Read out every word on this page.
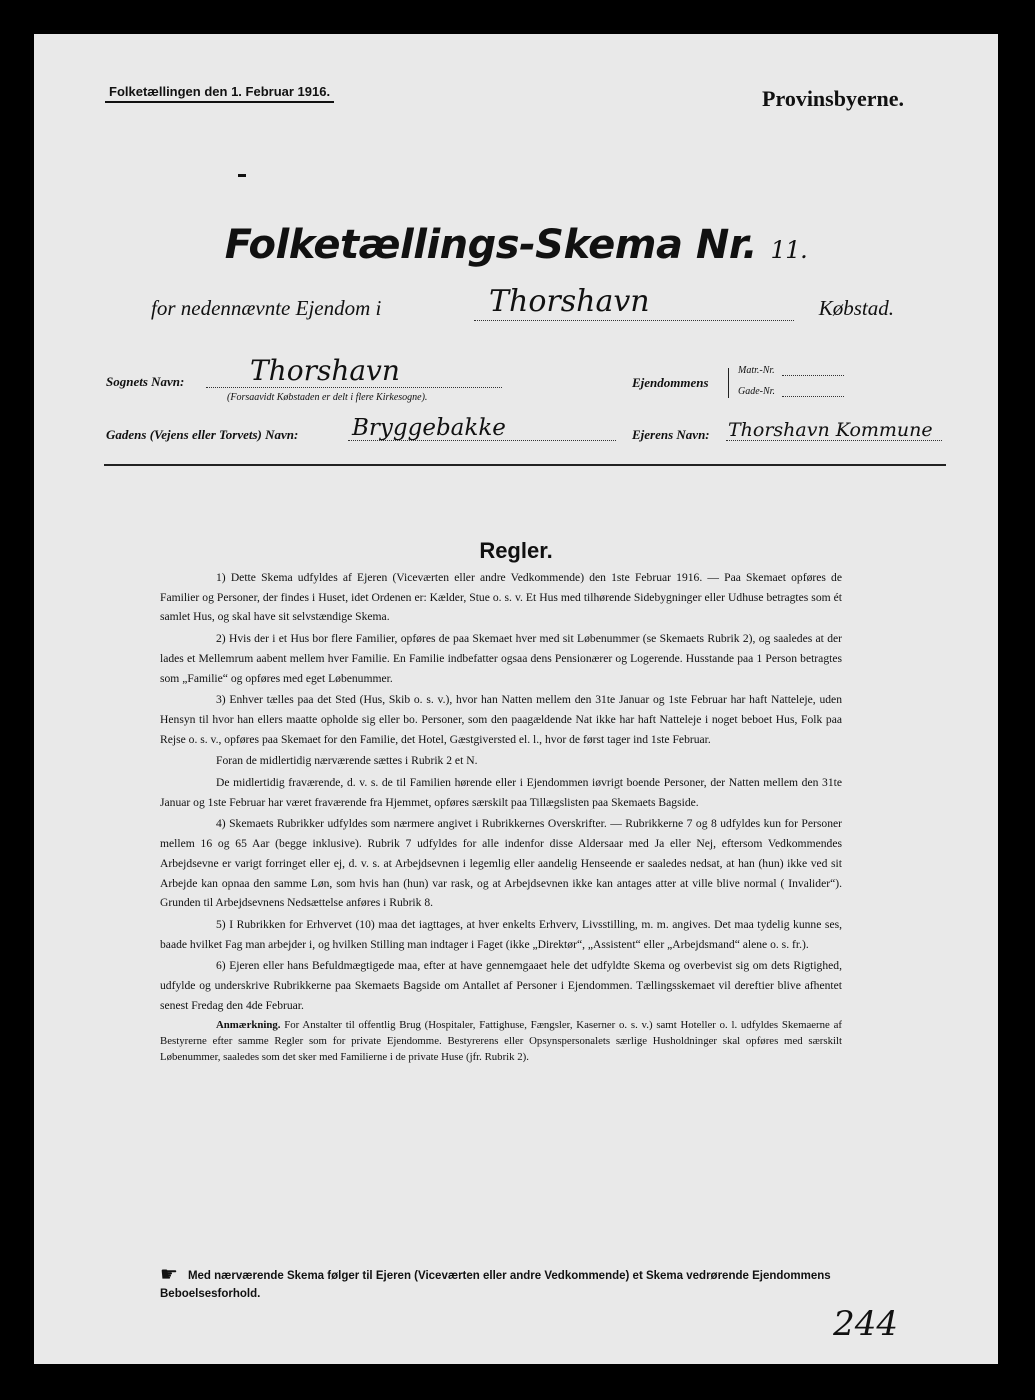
Folketællingen den 1. Februar 1916.	Provinsbyerne.
Folketællings-Skema Nr. 11.
for nedennævnte Ejendom i	Thorshavn	Købstad.
Sognets Navn: Thorshavn
(Forsaavidt Købstaden er delt i flere Kirkesogne).
Gadens (Vejens eller Torvets) Navn: Bryggebakke
Ejendommens
Matr.-Nr.
Gade-Nr.
Ejerens Navn: Thorshavn Kommune
Regler.

1) Dette Skema udfyldes af Ejeren (Viceværten eller andre Vedkommende) den 1ste Februar 1916. — Paa Skemaet opføres de Familier og Personer, der findes i Huset, idet Ordenen er: Kælder, Stue o. s. v. Et Hus med tilhørende Sidebygninger eller Udhuse betragtes som ét samlet Hus, og skal have sit selvstændige Skema.

2) Hvis der i et Hus bor flere Familier, opføres de paa Skemaet hver med sit Løbenummer (se Skemaets Rubrik 2), og saaledes at der lades et Mellemrum aabent mellem hver Familie. En Familie indbefatter ogsaa dens Pensionærer og Logerende. Husstande paa 1 Person betragtes som „Familie“ og opføres med eget Løbenummer.

3) Enhver tælles paa det Sted (Hus, Skib o. s. v.), hvor han Natten mellem den 31te Januar og 1ste Februar har haft Natteleje, uden Hensyn til hvor han ellers maatte opholde sig eller bo. Personer, som den paagældende Nat ikke har haft Natteleje i noget beboet Hus, Folk paa Rejse o. s. v., opføres paa Skemaet for den Familie, det Hotel, Gæstgiversted el. l., hvor de først tager ind 1ste Februar.

Foran de midlertidig nærværende sættes i Rubrik 2 et N.

De midlertidig fraværende, d. v. s. de til Familien hørende eller i Ejendommen iøvrigt boende Personer, der Natten mellem den 31te Januar og 1ste Februar har været fraværende fra Hjemmet, opføres særskilt paa Tillægslisten paa Skemaets Bagside.

4) Skemaets Rubrikker udfyldes som nærmere angivet i Rubrikkernes Overskrifter. — Rubrikkerne 7 og 8 udfyldes kun for Personer mellem 16 og 65 Aar (begge inklusive). Rubrik 7 udfyldes for alle indenfor disse Aldersaar med Ja eller Nej, eftersom Vedkommendes Arbejdsevne er varigt forringet eller ej, d. v. s. at Arbejdsevnen i legemlig eller aandelig Henseende er saaledes nedsat, at han (hun) ikke ved sit Arbejde kan opnaa den samme Løn, som hvis han (hun) var rask, og at Arbejdsevnen ikke kan antages atter at ville blive normal ( Invalider“). Grunden til Arbejdsevnens Nedsættelse anføres i Rubrik 8.

5) I Rubrikken for Erhvervet (10) maa det iagttages, at hver enkelts Erhverv, Livsstilling, m. m. angives. Det maa tydelig kunne ses, baade hvilket Fag man arbejder i, og hvilken Stilling man indtager i Faget (ikke „Direktør“, „Assistent“ eller „Arbejdsmand“ alene o. s. fr.).

6) Ejeren eller hans Befuldmægtigede maa, efter at have gennemgaaet hele det udfyldte Skema og overbevist sig om dets Rigtighed, udfylde og underskrive Rubrikkerne paa Skemaets Bagside om Antallet af Personer i Ejendommen. Tællingsskemaet vil dereftier blive afhentet senest Fredag den 4de Februar.

Anmærkning. For Anstalter til offentlig Brug (Hospitaler, Fattighuse, Fængsler, Kaserner o. s. v.) samt Hoteller o. l. udfyldes Skemaerne af Bestyrerne efter samme Regler som for private Ejendomme. Bestyrerens eller Opsynspersonalets særlige Husholdninger skal opføres med særskilt Løbenummer, saaledes som det sker med Familierne i de private Huse (jfr. Rubrik 2).

☛ Med nærværende Skema følger til Ejeren (Viceværten eller andre Vedkommende) et Skema vedrørende Ejendommens Beboelsesforhold.
244
